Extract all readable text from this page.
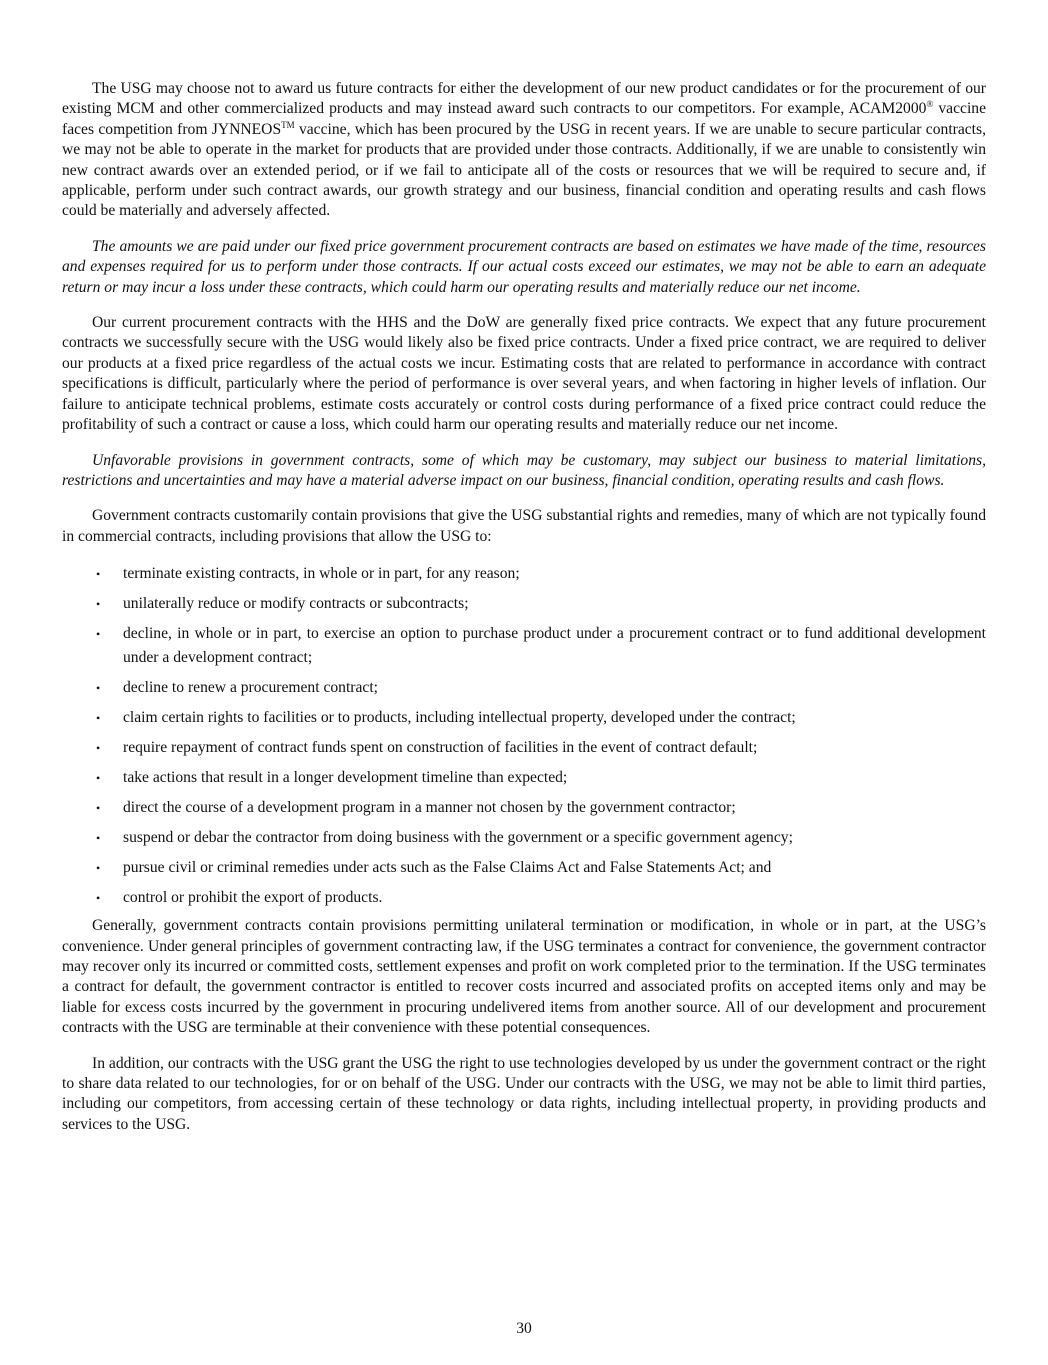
The USG may choose not to award us future contracts for either the development of our new product candidates or for the procurement of our existing MCM and other commercialized products and may instead award such contracts to our competitors. For example, ACAM2000® vaccine faces competition from JYNNEOS™ vaccine, which has been procured by the USG in recent years. If we are unable to secure particular contracts, we may not be able to operate in the market for products that are provided under those contracts. Additionally, if we are unable to consistently win new contract awards over an extended period, or if we fail to anticipate all of the costs or resources that we will be required to secure and, if applicable, perform under such contract awards, our growth strategy and our business, financial condition and operating results and cash flows could be materially and adversely affected.

The amounts we are paid under our fixed price government procurement contracts are based on estimates we have made of the time, resources and expenses required for us to perform under those contracts. If our actual costs exceed our estimates, we may not be able to earn an adequate return or may incur a loss under these contracts, which could harm our operating results and materially reduce our net income.

Our current procurement contracts with the HHS and the DoW are generally fixed price contracts. We expect that any future procurement contracts we successfully secure with the USG would likely also be fixed price contracts. Under a fixed price contract, we are required to deliver our products at a fixed price regardless of the actual costs we incur. Estimating costs that are related to performance in accordance with contract specifications is difficult, particularly where the period of performance is over several years, and when factoring in higher levels of inflation. Our failure to anticipate technical problems, estimate costs accurately or control costs during performance of a fixed price contract could reduce the profitability of such a contract or cause a loss, which could harm our operating results and materially reduce our net income.

Unfavorable provisions in government contracts, some of which may be customary, may subject our business to material limitations, restrictions and uncertainties and may have a material adverse impact on our business, financial condition, operating results and cash flows.

Government contracts customarily contain provisions that give the USG substantial rights and remedies, many of which are not typically found in commercial contracts, including provisions that allow the USG to:

• terminate existing contracts, in whole or in part, for any reason;
• unilaterally reduce or modify contracts or subcontracts;
• decline, in whole or in part, to exercise an option to purchase product under a procurement contract or to fund additional development under a development contract;
• decline to renew a procurement contract;
• claim certain rights to facilities or to products, including intellectual property, developed under the contract;
• require repayment of contract funds spent on construction of facilities in the event of contract default;
• take actions that result in a longer development timeline than expected;
• direct the course of a development program in a manner not chosen by the government contractor;
• suspend or debar the contractor from doing business with the government or a specific government agency;
• pursue civil or criminal remedies under acts such as the False Claims Act and False Statements Act; and
• control or prohibit the export of products.

Generally, government contracts contain provisions permitting unilateral termination or modification, in whole or in part, at the USG’s convenience. Under general principles of government contracting law, if the USG terminates a contract for convenience, the government contractor may recover only its incurred or committed costs, settlement expenses and profit on work completed prior to the termination. If the USG terminates a contract for default, the government contractor is entitled to recover costs incurred and associated profits on accepted items only and may be liable for excess costs incurred by the government in procuring undelivered items from another source. All of our development and procurement contracts with the USG are terminable at their convenience with these potential consequences.

In addition, our contracts with the USG grant the USG the right to use technologies developed by us under the government contract or the right to share data related to our technologies, for or on behalf of the USG. Under our contracts with the USG, we may not be able to limit third parties, including our competitors, from accessing certain of these technology or data rights, including intellectual property, in providing products and services to the USG.

30
